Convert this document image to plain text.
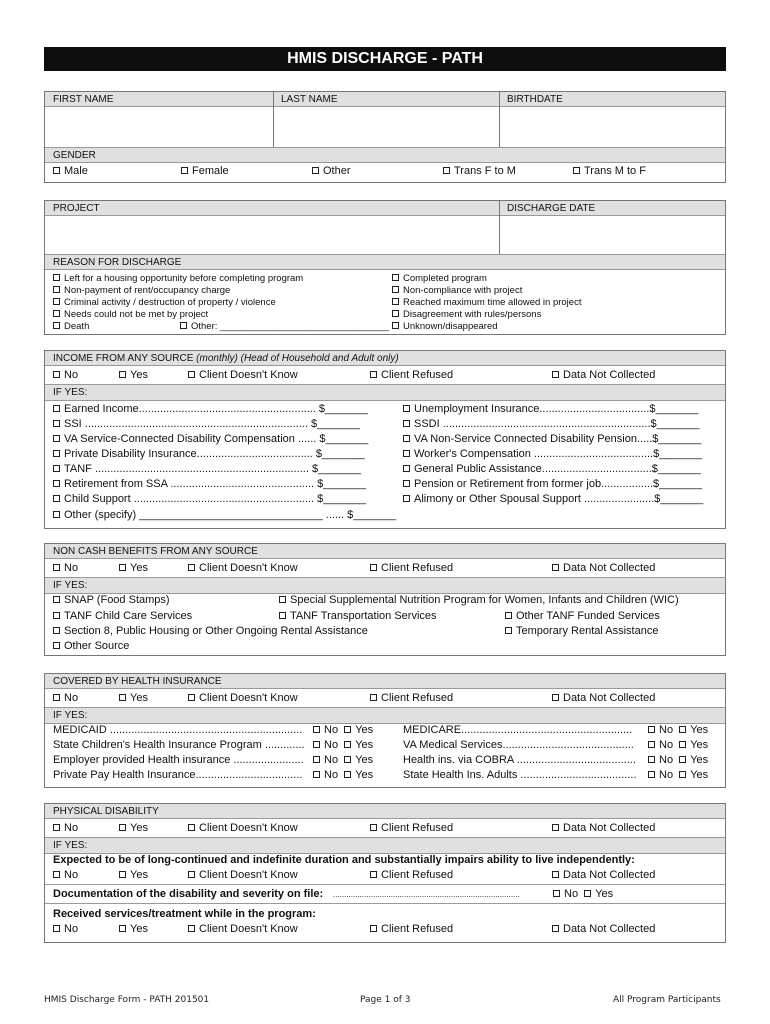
HMIS DISCHARGE - PATH
FIRST NAME	LAST NAME	BIRTHDATE
GENDER
Male	Female	Other	Trans F to M	Trans M to F
PROJECT	DISCHARGE DATE
REASON FOR DISCHARGE
Left for a housing opportunity before completing program
Non-payment of rent/occupancy charge
Criminal activity / destruction of property / violence
Needs could not be met by project
Death	Other: ________________________________
Completed program
Non-compliance with project
Reached maximum time allowed in project
Disagreement with rules/persons
Unknown/disappeared
INCOME FROM ANY SOURCE (monthly) (Head of Household and Adult only)
No	Yes	Client Doesn't Know	Client Refused	Data Not Collected
IF YES:
Earned Income.......................................................... $_______	Unemployment Insurance....................................$_______
SSI ......................................................................... $_______	SSDI ....................................................................$_______
VA Service-Connected Disability Compensation ...... $_______	VA Non-Service Connected Disability Pension.....$_______
Private Disability Insurance...................................... $_______	Worker's Compensation .......................................$_______
TANF ...................................................................... $_______	General Public Assistance....................................$_______
Retirement from SSA ............................................... $_______	Pension or Retirement from former job.................$_______
Child Support ........................................................... $_______	Alimony or Other Spousal Support .......................$_______
Other (specify) ______________________________ ...... $_______
NON CASH BENEFITS FROM ANY SOURCE
No	Yes	Client Doesn't Know	Client Refused	Data Not Collected
IF YES:
SNAP (Food Stamps)	Special Supplemental Nutrition Program for Women, Infants and Children (WIC)
TANF Child Care Services	TANF Transportation Services	Other TANF Funded Services
Section 8, Public Housing or Other Ongoing Rental Assistance	Temporary Rental Assistance
Other Source
COVERED BY HEALTH INSURANCE
No	Yes	Client Doesn't Know	Client Refused	Data Not Collected
IF YES:
MEDICAID ...............................................................	No Yes	MEDICARE........................................................	No Yes
State Children's Health Insurance Program .............	No Yes	VA Medical Services...........................................	No Yes
Employer provided Health insurance .......................	No Yes	Health ins. via COBRA .......................................	No Yes
Private Pay Health Insurance...................................	No Yes	State Health Ins. Adults ......................................	No Yes
PHYSICAL DISABILITY
No	Yes	Client Doesn't Know	Client Refused	Data Not Collected
IF YES:
Expected to be of long-continued and indefinite duration and substantially impairs ability to live independently:
No	Yes	Client Doesn't Know	Client Refused	Data Not Collected
Documentation of the disability and severity on file: ....................................................................................	No Yes
Received services/treatment while in the program:
No	Yes	Client Doesn't Know	Client Refused	Data Not Collected
HMIS Discharge Form - PATH 201501	Page 1 of 3	All Program Participants
